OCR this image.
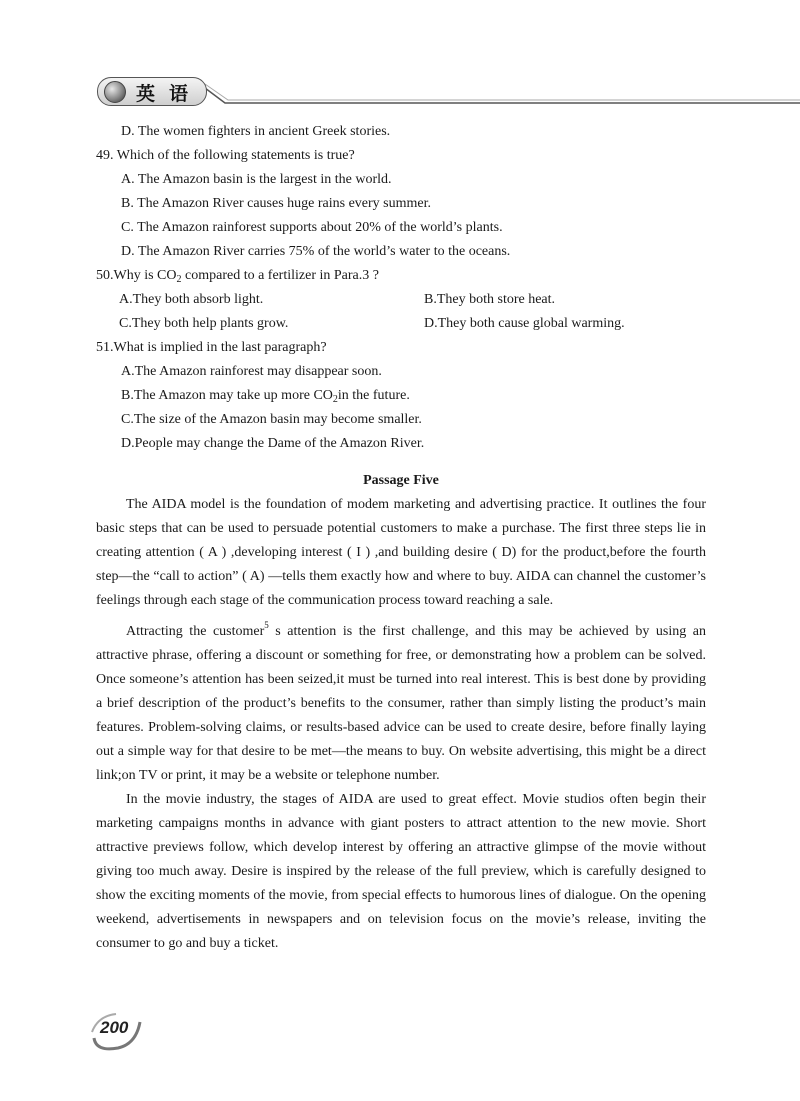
英语
D. The women fighters in ancient Greek stories.
49. Which of the following statements is true?
A. The Amazon basin is the largest in the world.
B. The Amazon River causes huge rains every summer.
C. The Amazon rainforest supports about 20% of the world’s plants.
D. The Amazon River carries 75% of the world’s water to the oceans.
50.Why is $CO_2$ compared to a fertilizer in Para.3 ?
A.They both absorb light.	B.They both store heat.
C.They both help plants grow.	D.They both cause global warming.
51.What is implied in the last paragraph?
A.The Amazon rainforest may disappear soon.
B.The Amazon may take up more $CO_2in$ the future.
C.The size of the Amazon basin may become smaller.
D.People may change the Dame of the Amazon River.
Passage Five

The AIDA model is the foundation of modem marketing and advertising practice. It outlines the four basic steps that can be used to persuade potential customers to make a purchase. The first three steps lie in creating attention ( A ) ,developing interest ( I ) ,and building desire ( D) for the product,before the fourth step—the “call to action” ( A) —tells them exactly how and where to buy. AIDA can channel the customer’s feelings through each stage of the communication process toward reaching a sale.

Attracting the customer$^5$ s attention is the first challenge, and this may be achieved by using an attractive phrase, offering a discount or something for free, or demonstrating how a problem can be solved. Once someone’s attention has been seized,it must be turned into real interest. This is best done by providing a brief description of the product’s benefits to the consumer, rather than simply listing the product’s main features. Problem-solving claims, or results-based advice can be used to create desire, before finally laying out a simple way for that desire to be met—the means to buy. On website advertising, this might be a direct link;on TV or print, it may be a website or telephone number.

In the movie industry, the stages of AIDA are used to great effect. Movie studios often begin their marketing campaigns months in advance with giant posters to attract attention to the new movie. Short attractive previews follow, which develop interest by offering an attractive glimpse of the movie without giving too much away. Desire is inspired by the release of the full preview, which is carefully designed to show the exciting moments of the movie, from special effects to humorous lines of dialogue. On the opening weekend, advertisements in newspapers and on television focus on the movie’s release, inviting the consumer to go and buy a ticket.

200
